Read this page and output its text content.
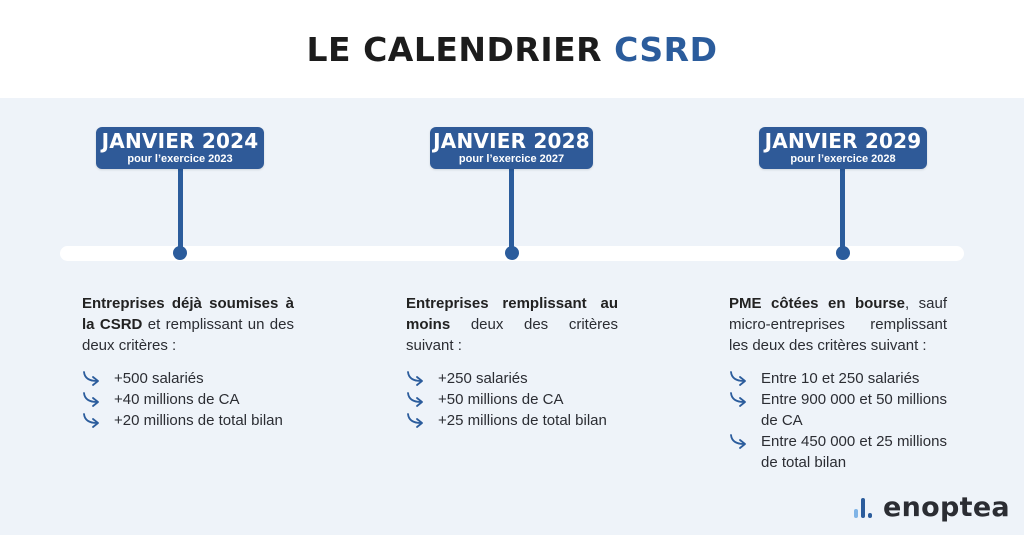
LE CALENDRIER CSRD
JANVIER 2024
pour l’exercice 2023
JANVIER 2028
pour l’exercice 2027
JANVIER 2029
pour l’exercice 2028

Entreprises déjà soumises à la CSRD et remplissant un des deux critères :

+500 salariés
+40 millions de CA
+20 millions de total bilan

Entreprises remplissant au moins deux des critères suivant :

+250 salariés
+50 millions de CA
+25 millions de total bilan

PME côtées en bourse, sauf micro-entreprises remplissant les deux des critères suivant :

Entre 10 et 250 salariés
Entre 900 000 et 50 millions de CA
Entre 450 000 et 25 millions de total bilan
enoptea
